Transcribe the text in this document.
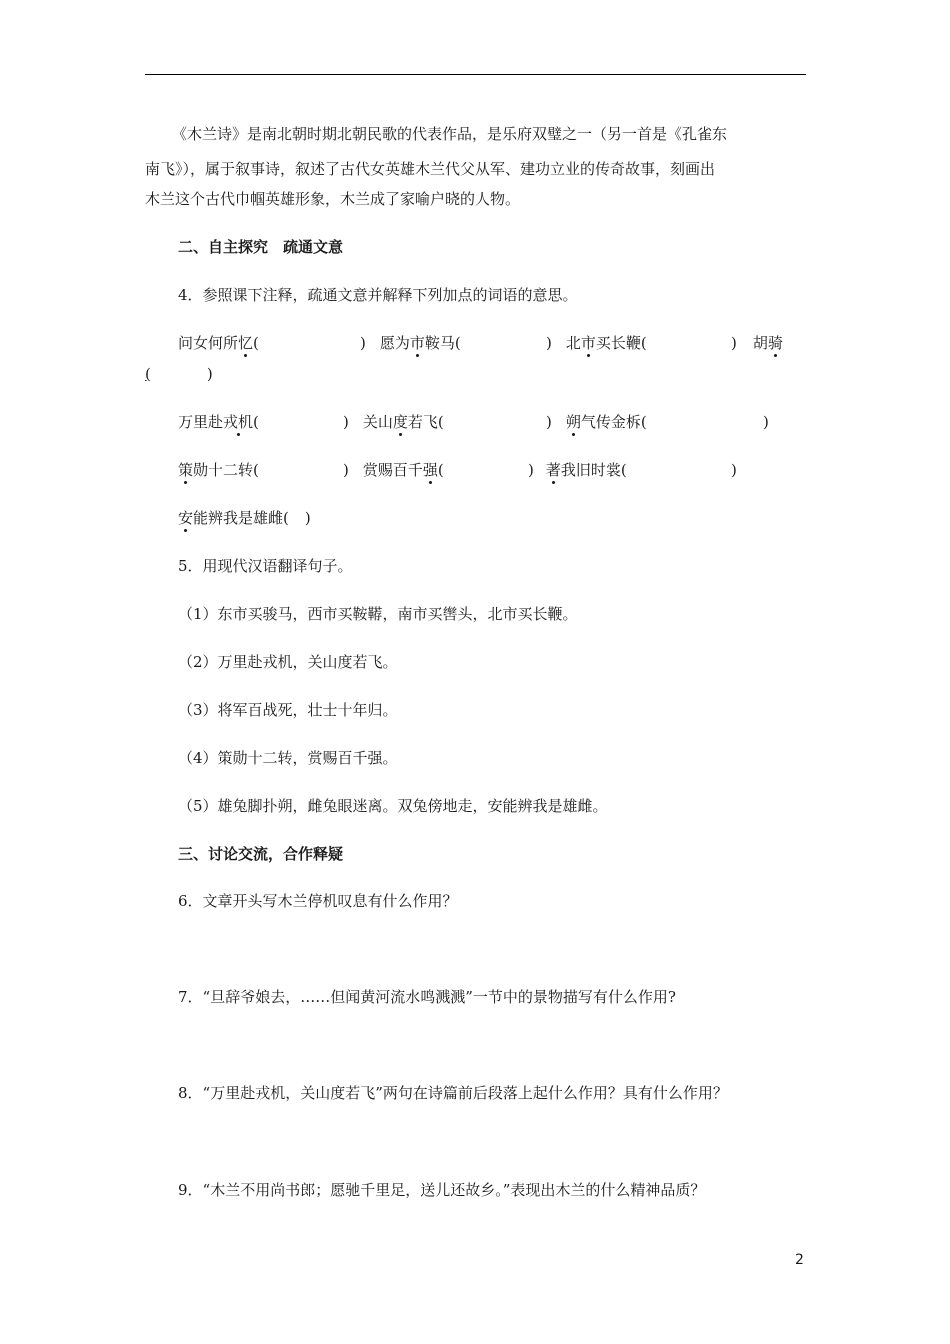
《木兰诗》是南北朝时期北朝民歌的代表作品，是乐府双璧之一（另一首是《孔雀东
南飞》），属于叙事诗，叙述了古代女英雄木兰代父从军、建功立业的传奇故事，刻画出
木兰这个古代巾帼英雄形象，木兰成了家喻户晓的人物。
二、自主探究　疏通文意
4．参照课下注释，疏通文意并解释下列加点的词语的意思。
问女何所忆(	) 愿为市鞍马(	) 北市买长鞭(	) 胡骑
(	)
万里赴戎机(	) 关山度若飞(	) 朔气传金柝(	)
策勋十二转(	) 赏赐百千强(	) 著我旧时裳(	)
安能辨我是雄雌( )
5．用现代汉语翻译句子。
（1）东市买骏马，西市买鞍鞯，南市买辔头，北市买长鞭。
（2）万里赴戎机，关山度若飞。
（3）将军百战死，壮士十年归。
（4）策勋十二转，赏赐百千强。
（5）雄兔脚扑朔，雌兔眼迷离。双兔傍地走，安能辨我是雄雌。
三、讨论交流，合作释疑
6．文章开头写木兰停机叹息有什么作用？
7．“旦辞爷娘去，……但闻黄河流水鸣溅溅”一节中的景物描写有什么作用?
8．“万里赴戎机，关山度若飞”两句在诗篇前后段落上起什么作用？具有什么作用？
9．“木兰不用尚书郎；愿驰千里足，送儿还故乡。”表现出木兰的什么精神品质？
2
